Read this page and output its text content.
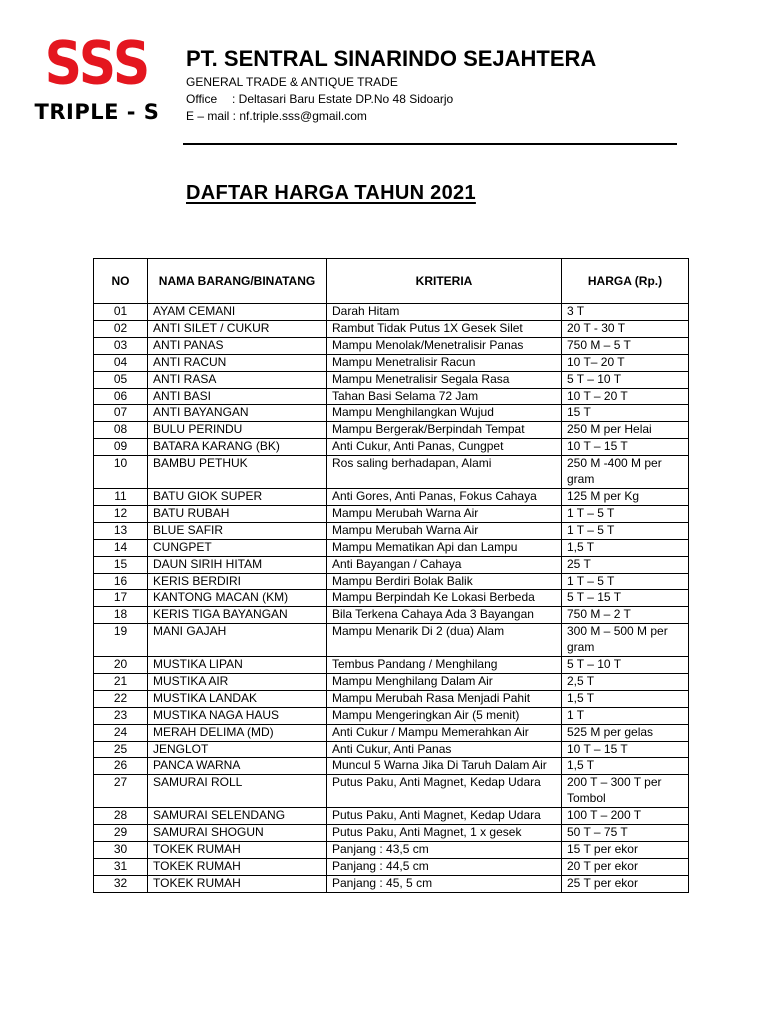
SSS
TRIPLE - S
PT. SENTRAL SINARINDO SEJAHTERA
GENERAL TRADE & ANTIQUE TRADE
Office : Deltasari Baru Estate DP.No 48 Sidoarjo
E – mail : nf.triple.sss@gmail.com
DAFTAR HARGA TAHUN 2021
NO	NAMA BARANG/BINATANG	KRITERIA	HARGA (Rp.)
01	AYAM CEMANI	Darah Hitam	3 T
02	ANTI SILET / CUKUR	Rambut Tidak Putus 1X Gesek Silet	20 T - 30 T
03	ANTI PANAS	Mampu Menolak/Menetralisir Panas	750 M – 5 T
04	ANTI RACUN	Mampu Menetralisir Racun	10 T– 20 T
05	ANTI RASA	Mampu Menetralisir Segala Rasa	5 T – 10 T
06	ANTI BASI	Tahan Basi Selama 72 Jam	10 T – 20 T
07	ANTI BAYANGAN	Mampu Menghilangkan Wujud	15 T
08	BULU PERINDU	Mampu Bergerak/Berpindah Tempat	250 M per Helai
09	BATARA KARANG (BK)	Anti Cukur, Anti Panas, Cungpet	10 T – 15 T
10	BAMBU PETHUK	Ros saling berhadapan, Alami	250 M -400 M per gram
11	BATU GIOK SUPER	Anti Gores, Anti Panas, Fokus Cahaya	125 M per Kg
12	BATU RUBAH	Mampu Merubah Warna Air	1 T – 5 T
13	BLUE SAFIR	Mampu Merubah Warna Air	1 T – 5 T
14	CUNGPET	Mampu Mematikan Api dan Lampu	1,5 T
15	DAUN SIRIH HITAM	Anti Bayangan / Cahaya	25 T
16	KERIS BERDIRI	Mampu Berdiri Bolak Balik	1 T – 5 T
17	KANTONG MACAN (KM)	Mampu Berpindah Ke Lokasi Berbeda	5 T – 15 T
18	KERIS TIGA BAYANGAN	Bila Terkena Cahaya Ada 3 Bayangan	750 M – 2 T
19	MANI GAJAH	Mampu Menarik Di 2 (dua) Alam	300 M – 500 M per gram
20	MUSTIKA LIPAN	Tembus Pandang / Menghilang	5 T – 10 T
21	MUSTIKA AIR	Mampu Menghilang Dalam Air	2,5 T
22	MUSTIKA LANDAK	Mampu Merubah Rasa Menjadi Pahit	1,5 T
23	MUSTIKA NAGA HAUS	Mampu Mengeringkan Air (5 menit)	1 T
24	MERAH DELIMA (MD)	Anti Cukur / Mampu Memerahkan Air	525 M per gelas
25	JENGLOT	Anti Cukur, Anti Panas	10 T – 15 T
26	PANCA WARNA	Muncul 5 Warna Jika Di Taruh Dalam Air	1,5 T
27	SAMURAI ROLL	Putus Paku, Anti Magnet, Kedap Udara	200 T – 300 T per Tombol
28	SAMURAI SELENDANG	Putus Paku, Anti Magnet, Kedap Udara	100 T – 200 T
29	SAMURAI SHOGUN	Putus Paku, Anti Magnet, 1 x gesek	50 T – 75 T
30	TOKEK RUMAH	Panjang : 43,5 cm	15 T per ekor
31	TOKEK RUMAH	Panjang : 44,5 cm	20 T per ekor
32	TOKEK RUMAH	Panjang : 45, 5 cm	25 T per ekor
